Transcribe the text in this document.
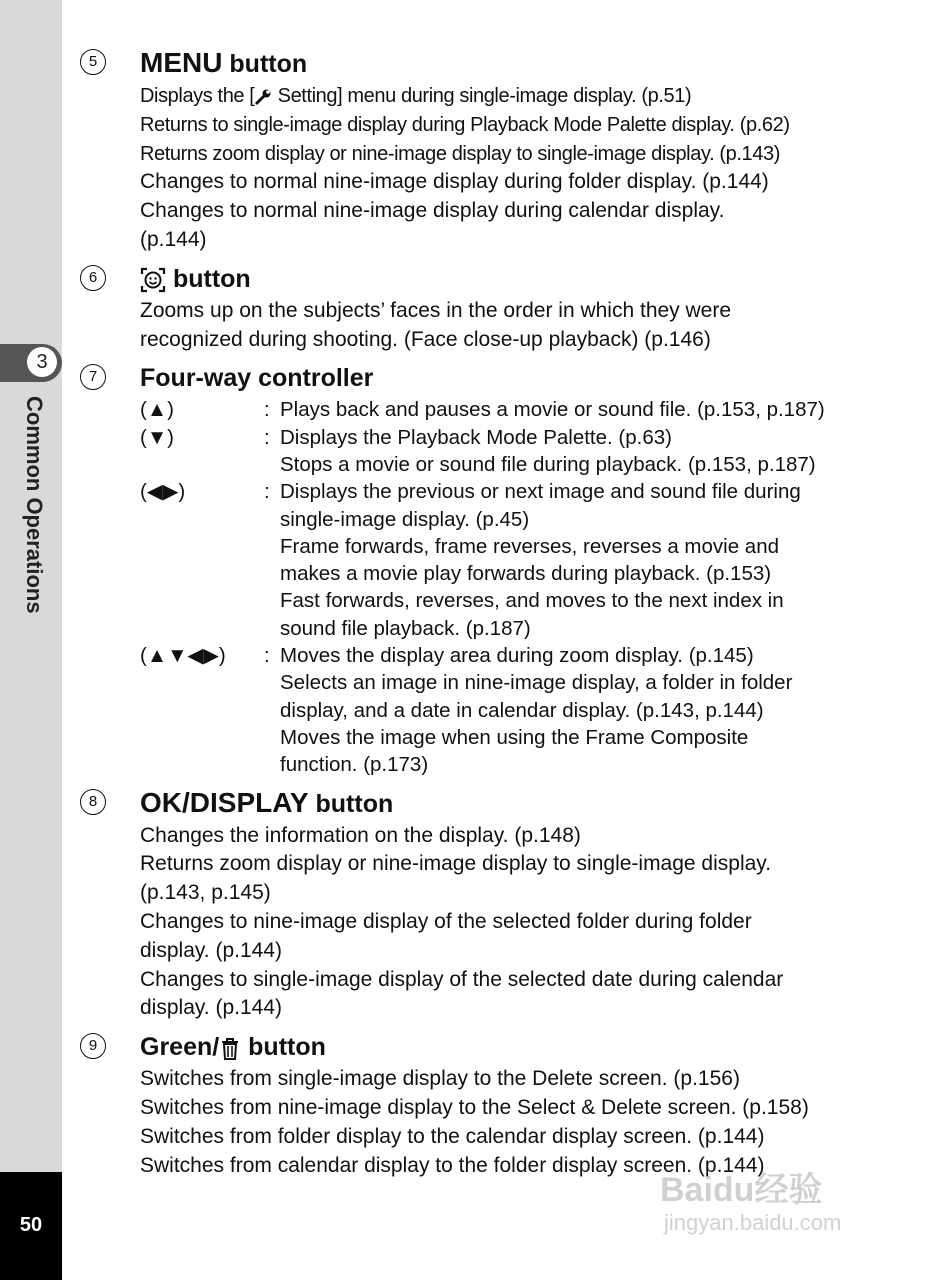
3
Common Operations
50
5	MENU button
Displays the [ Setting] menu during single-image display. (p.51)
Returns to single-image display during Playback Mode Palette display. (p.62)
Returns zoom display or nine-image display to single-image display. (p.143)
Changes to normal nine-image display during folder display. (p.144)
Changes to normal nine-image display during calendar display.
(p.144)
6	button
Zooms up on the subjects’ faces in the order in which they were
recognized during shooting. (Face close-up playback) (p.146)
7	Four-way controller
(▲)	: Plays back and pauses a movie or sound file. (p.153, p.187)
(▼)	: Displays the Playback Mode Palette. (p.63)
Stops a movie or sound file during playback. (p.153, p.187)
(◀▶)	: Displays the previous or next image and sound file during
single-image display. (p.45)
Frame forwards, frame reverses, reverses a movie and
makes a movie play forwards during playback. (p.153)
Fast forwards, reverses, and moves to the next index in
sound file playback. (p.187)
(▲▼◀▶)	: Moves the display area during zoom display. (p.145)
Selects an image in nine-image display, a folder in folder
display, and a date in calendar display. (p.143, p.144)
Moves the image when using the Frame Composite
function. (p.173)
8	OK/DISPLAY button
Changes the information on the display. (p.148)
Returns zoom display or nine-image display to single-image display.
(p.143, p.145)
Changes to nine-image display of the selected folder during folder
display. (p.144)
Changes to single-image display of the selected date during calendar
display. (p.144)
9	Green/ button
Switches from single-image display to the Delete screen. (p.156)
Switches from nine-image display to the Select & Delete screen. (p.158)
Switches from folder display to the calendar display screen. (p.144)
Switches from calendar display to the folder display screen. (p.144)
Baidu经验
jingyan.baidu.com
